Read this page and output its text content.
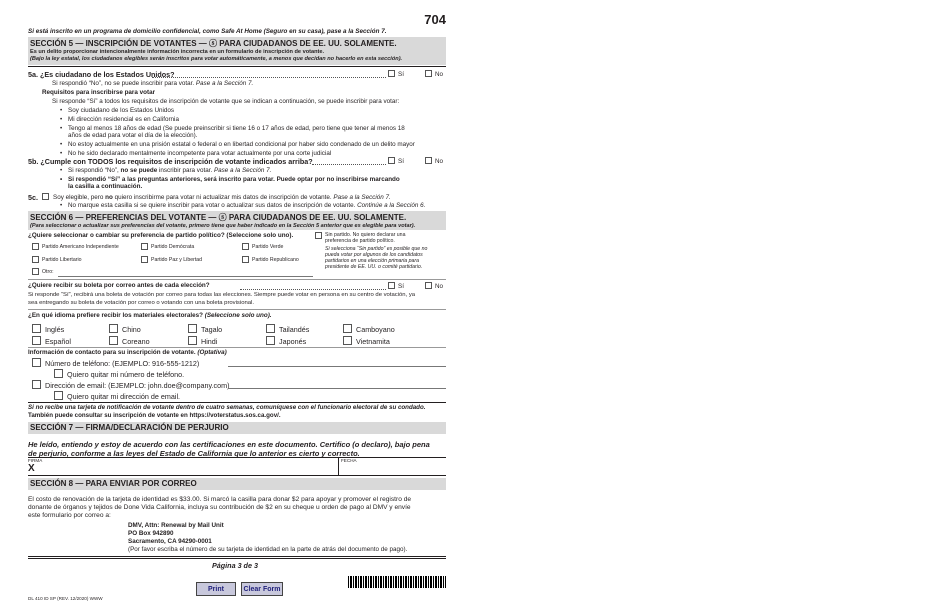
704
Si está inscrito en un programa de domicilio confidencial, como Safe At Home (Seguro en su casa), pase a la Sección 7.
SECCIÓN 5 — INSCRIPCIÓN DE VOTANTES — ⓢ PARA CIUDADANOS DE EE. UU. SOLAMENTE.
Es un delito proporcionar intencionalmente información incorrecta en un formulario de inscripción de votante.
(Bajo la ley estatal, los ciudadanos elegibles serán inscritos para votar automáticamente, a menos que decidan no hacerlo en esta sección).
5a. ¿Es ciudadano de los Estados Unidos?	Sí	No
Si respondió “No”, no se puede inscribir para votar. Pase a la Sección 7.
Requisitos para inscribirse para votar
Si responde “Sí” a todos los requisitos de inscripción de votante que se indican a continuación, se puede inscribir para votar:
• Soy ciudadano de los Estados Unidos
• Mi dirección residencial es en California
• Tengo al menos 18 años de edad (Se puede preinscribir si tiene 16 o 17 años de edad, pero tiene que tener al menos 18
años de edad para votar el día de la elección).
• No estoy actualmente en una prisión estatal o federal o en libertad condicional por haber sido condenado de un delito mayor
• No he sido declarado mentalmente incompetente para votar actualmente por una corte judicial
5b. ¿Cumple con TODOS los requisitos de inscripción de votante indicados arriba?	Sí	No
• Si respondió “No”, no se puede inscribir para votar. Pase a la Sección 7.
• Si respondió “Sí” a las preguntas anteriores, será inscrito para votar. Puede optar por no inscribirse marcando
la casilla a continuación.
5c. Soy elegible, pero no quiero inscribirme para votar ni actualizar mis datos de inscripción de votante. Pase a la Sección 7.
• No marque esta casilla si se quiere inscribir para votar o actualizar sus datos de inscripción de votante. Continúe a la Sección 6.
SECCIÓN 6 — PREFERENCIAS DEL VOTANTE — ⓢ PARA CIUDADANOS DE EE. UU. SOLAMENTE.
(Para seleccionar o actualizar sus preferencias del votante, primero tiene que haber indicado en la Sección 5 anterior que es elegible para votar).
¿Quiere seleccionar o cambiar su preferencia de partido político? (Seleccione solo uno).	Sin partido. No quiero declarar una
preferencia de partido político.
Si selecciona “Sin partido” es posible que no
pueda votar por algunos de los candidatos
partidarios en una elección primaria para
presidente de EE. UU. o comité partidario.
Partido Americano Independiente	Partido Demócrata	Partido Verde
Partido Libertario	Partido Paz y Libertad	Partido Republicano
Otro:
¿Quiere recibir su boleta por correo antes de cada elección?	Sí	No
Si responde “Sí”, recibirá una boleta de votación por correo para todas las elecciones. Siempre puede votar en persona en su centro de votación, ya
sea entregando su boleta de votación por correo o votando con una boleta provisional.
¿En qué idioma prefiere recibir los materiales electorales? (Seleccione solo uno).
Inglés	Chino	Tagalo	Tailandés	Camboyano
Español	Coreano	Hindi	Japonés	Vietnamita
Información de contacto para su inscripción de votante. (Optativa)
Número de teléfono: (EJEMPLO: 916-555-1212)
Quiero quitar mi número de teléfono.
Dirección de email: (EJEMPLO: john.doe@company.com)
Quiero quitar mi dirección de email.
Si no recibe una tarjeta de notificación de votante dentro de cuatro semanas, comuníquese con el funcionario electoral de su condado.
También puede consultar su inscripción de votante en https://voterstatus.sos.ca.gov/.
SECCIÓN 7 — FIRMA/DECLARACIÓN DE PERJURIO
He leído, entiendo y estoy de acuerdo con las certificaciones en este documento. Certifico (o declaro), bajo pena
de perjurio, conforme a las leyes del Estado de California que lo anterior es cierto y correcto.
FIRMA
X
FECHA
SECCIÓN 8 — PARA ENVIAR POR CORREO
El costo de renovación de la tarjeta de identidad es $33.00. Si marcó la casilla para donar $2 para apoyar y promover el registro de
donante de órganos y tejidos de Done Vida California, incluya su contribución de $2 en su cheque u orden de pago al DMV y envíe
este formulario por correo a:
DMV, Attn: Renewal by Mail Unit
PO Box 942890
Sacramento, CA 94290-0001
(Por favor escriba el número de su tarjeta de identidad en la parte de atrás del documento de pago).
Página 3 de 3
Print	Clear Form
DL 410 ID SP (REV. 12/2020) WWW
